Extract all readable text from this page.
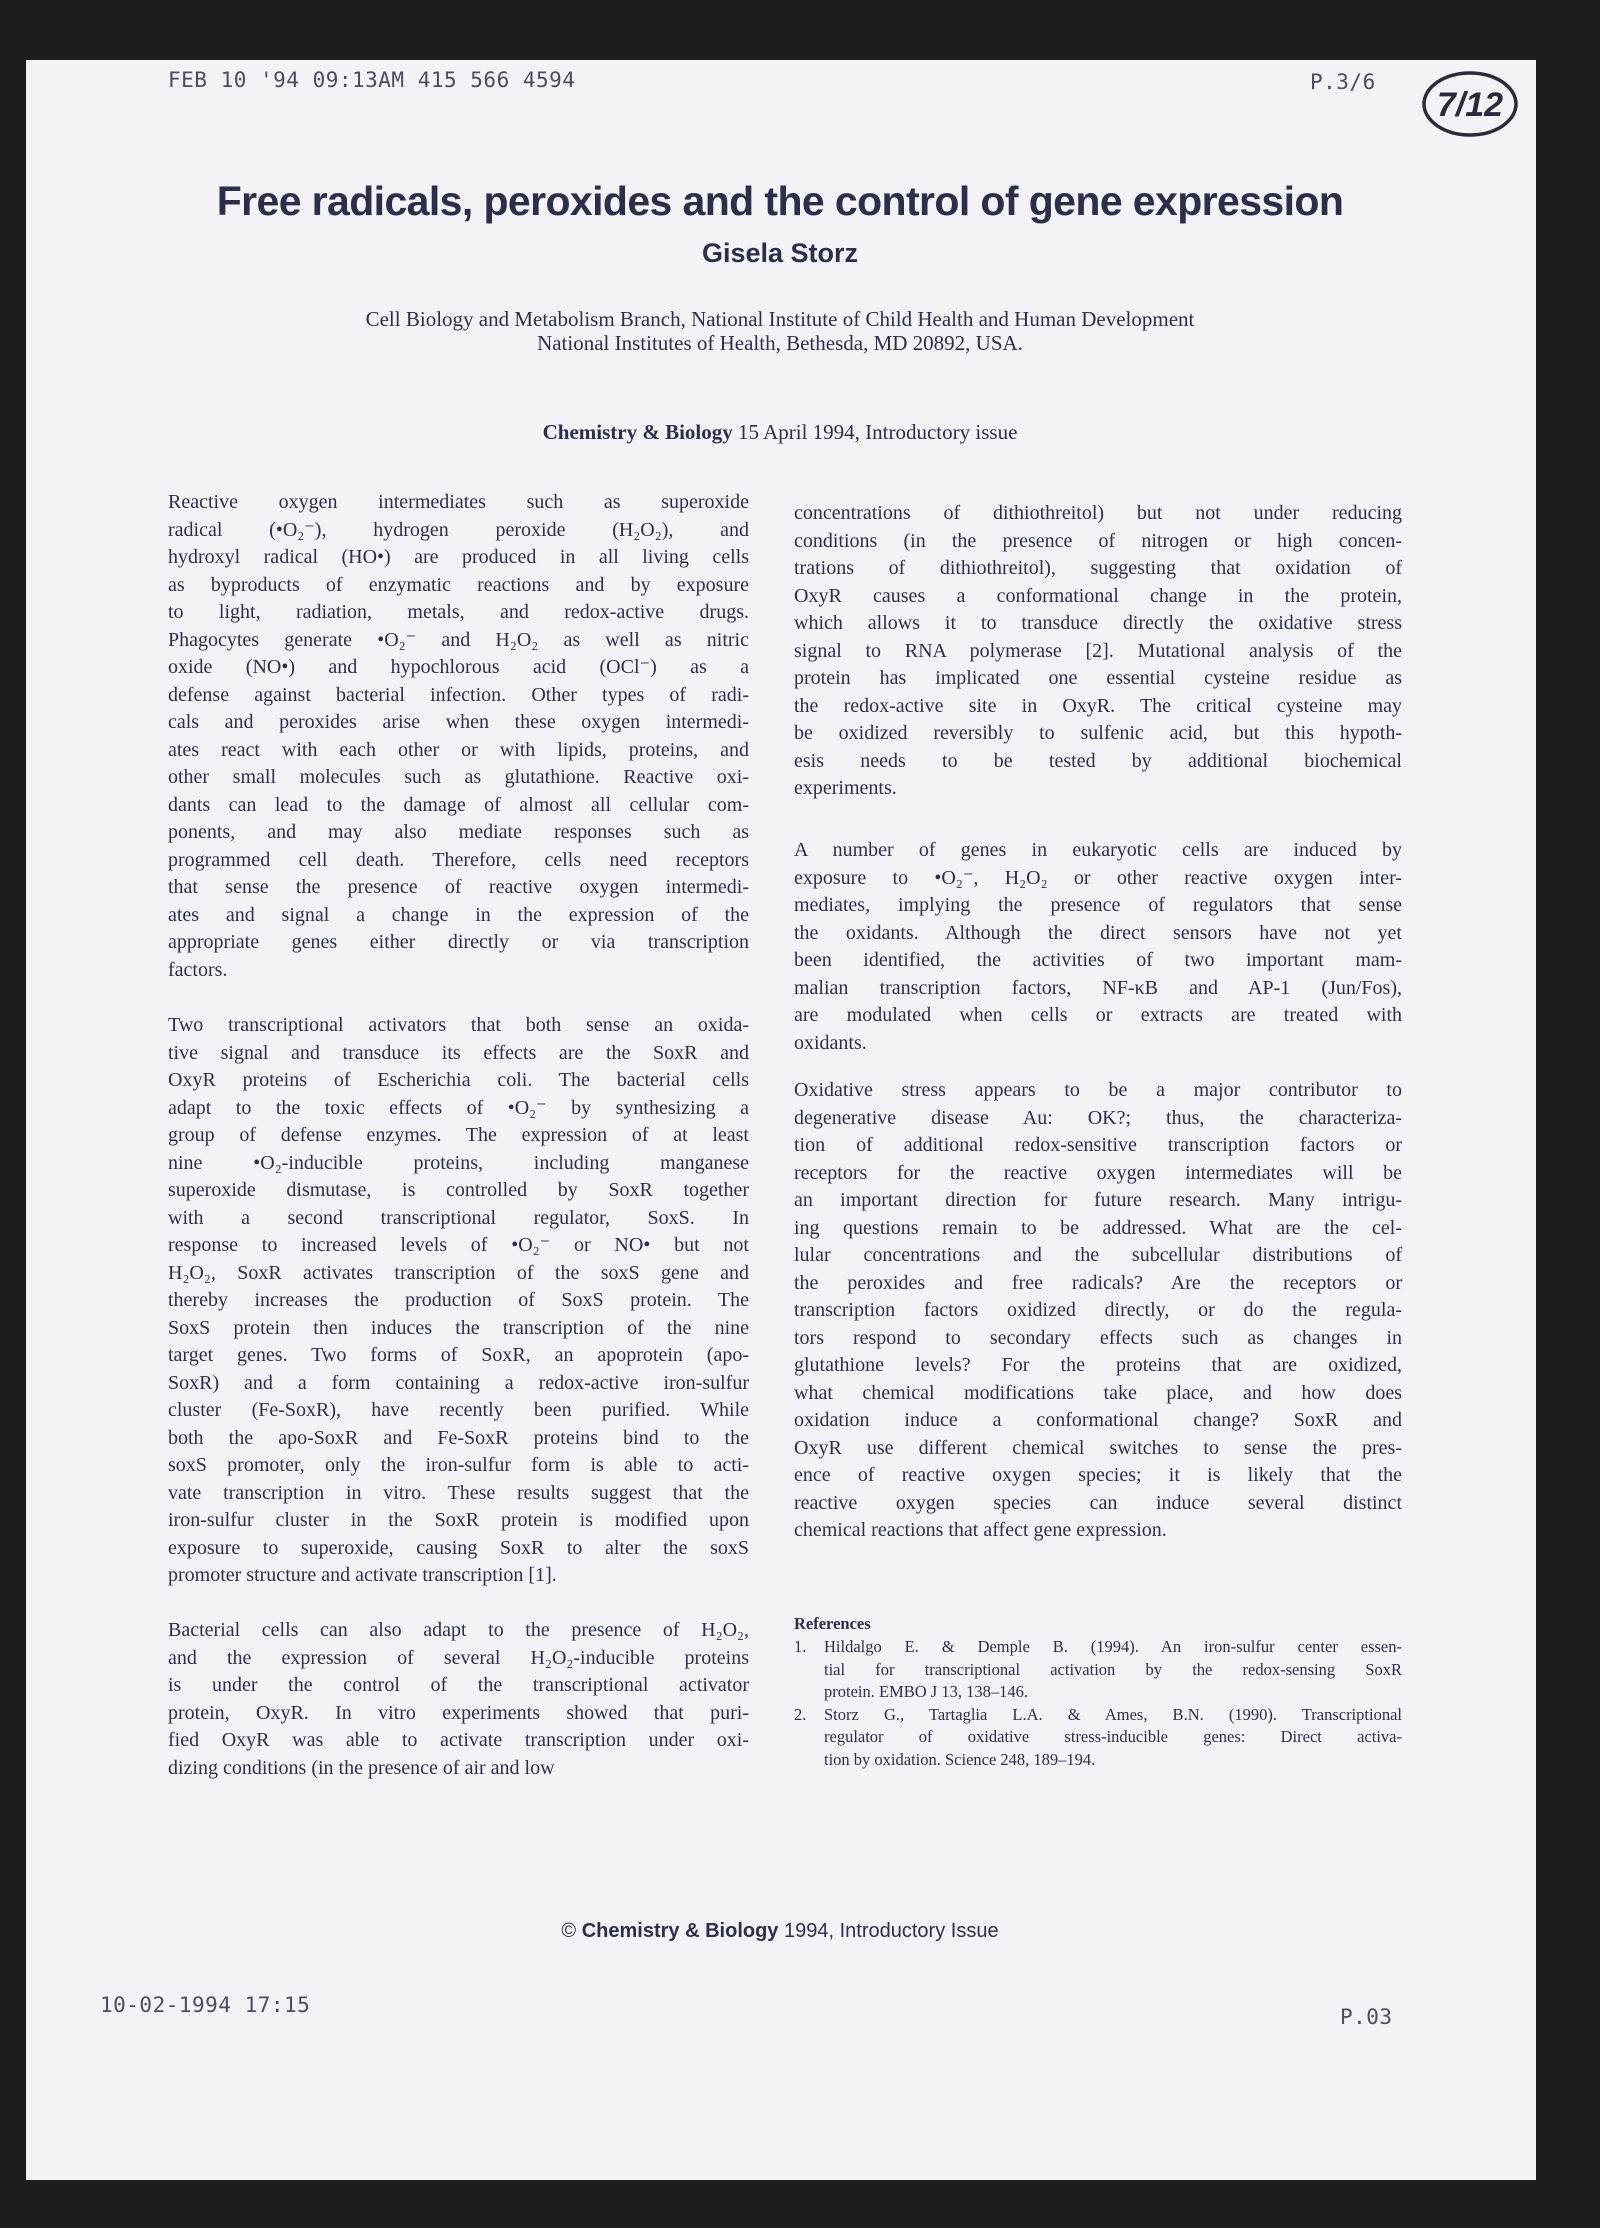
FEB 10 '94 09:13AM 415 566 4594	P.3/6
7/12
Free radicals, peroxides and the control of gene expression
Gisela Storz
Cell Biology and Metabolism Branch, National Institute of Child Health and Human Development
National Institutes of Health, Bethesda, MD 20892, USA.
Chemistry & Biology 15 April 1994, Introductory issue
Reactive oxygen intermediates such as superoxide
radical (•O₂⁻), hydrogen peroxide (H₂O₂), and
hydroxyl radical (HO•) are produced in all living cells
as byproducts of enzymatic reactions and by exposure
to light, radiation, metals, and redox-active drugs.
Phagocytes generate •O₂⁻ and H₂O₂ as well as nitric
oxide (NO•) and hypochlorous acid (OCl⁻) as a
defense against bacterial infection. Other types of radi-
cals and peroxides arise when these oxygen intermedi-
ates react with each other or with lipids, proteins, and
other small molecules such as glutathione. Reactive oxi-
dants can lead to the damage of almost all cellular com-
ponents, and may also mediate responses such as
programmed cell death. Therefore, cells need receptors
that sense the presence of reactive oxygen intermedi-
ates and signal a change in the expression of the
appropriate genes either directly or via transcription
factors.
Two transcriptional activators that both sense an oxida-
tive signal and transduce its effects are the SoxR and
OxyR proteins of Escherichia coli. The bacterial cells
adapt to the toxic effects of •O₂⁻ by synthesizing a
group of defense enzymes. The expression of at least
nine •O₂-inducible proteins, including manganese
superoxide dismutase, is controlled by SoxR together
with a second transcriptional regulator, SoxS. In
response to increased levels of •O₂⁻ or NO• but not
H₂O₂, SoxR activates transcription of the soxS gene and
thereby increases the production of SoxS protein. The
SoxS protein then induces the transcription of the nine
target genes. Two forms of SoxR, an apoprotein (apo-
SoxR) and a form containing a redox-active iron-sulfur
cluster (Fe-SoxR), have recently been purified. While
both the apo-SoxR and Fe-SoxR proteins bind to the
soxS promoter, only the iron-sulfur form is able to acti-
vate transcription in vitro. These results suggest that the
iron-sulfur cluster in the SoxR protein is modified upon
exposure to superoxide, causing SoxR to alter the soxS
promoter structure and activate transcription [1].
Bacterial cells can also adapt to the presence of H₂O₂,
and the expression of several H₂O₂-inducible proteins
is under the control of the transcriptional activator
protein, OxyR. In vitro experiments showed that puri-
fied OxyR was able to activate transcription under oxi-
dizing conditions (in the presence of air and low
concentrations of dithiothreitol) but not under reducing
conditions (in the presence of nitrogen or high concen-
trations of dithiothreitol), suggesting that oxidation of
OxyR causes a conformational change in the protein,
which allows it to transduce directly the oxidative stress
signal to RNA polymerase [2]. Mutational analysis of the
protein has implicated one essential cysteine residue as
the redox-active site in OxyR. The critical cysteine may
be oxidized reversibly to sulfenic acid, but this hypoth-
esis needs to be tested by additional biochemical
experiments.
A number of genes in eukaryotic cells are induced by
exposure to •O₂⁻, H₂O₂ or other reactive oxygen inter-
mediates, implying the presence of regulators that sense
the oxidants. Although the direct sensors have not yet
been identified, the activities of two important mam-
malian transcription factors, NF-κB and AP-1 (Jun/Fos),
are modulated when cells or extracts are treated with
oxidants.
Oxidative stress appears to be a major contributor to
degenerative disease Au: OK?; thus, the characteriza-
tion of additional redox-sensitive transcription factors or
receptors for the reactive oxygen intermediates will be
an important direction for future research. Many intrigu-
ing questions remain to be addressed. What are the cel-
lular concentrations and the subcellular distributions of
the peroxides and free radicals? Are the receptors or
transcription factors oxidized directly, or do the regula-
tors respond to secondary effects such as changes in
glutathione levels? For the proteins that are oxidized,
what chemical modifications take place, and how does
oxidation induce a conformational change? SoxR and
OxyR use different chemical switches to sense the pres-
ence of reactive oxygen species; it is likely that the
reactive oxygen species can induce several distinct
chemical reactions that affect gene expression.
References
1.	Hildalgo E. & Demple B. (1994). An iron-sulfur center essen-
tial for transcriptional activation by the redox-sensing SoxR
protein. EMBO J 13, 138–146.
2.	Storz G., Tartaglia L.A. & Ames, B.N. (1990). Transcriptional
regulator of oxidative stress-inducible genes: Direct activa-
tion by oxidation. Science 248, 189–194.
© Chemistry & Biology 1994, Introductory Issue
10-02-1994 17:15	P.03
